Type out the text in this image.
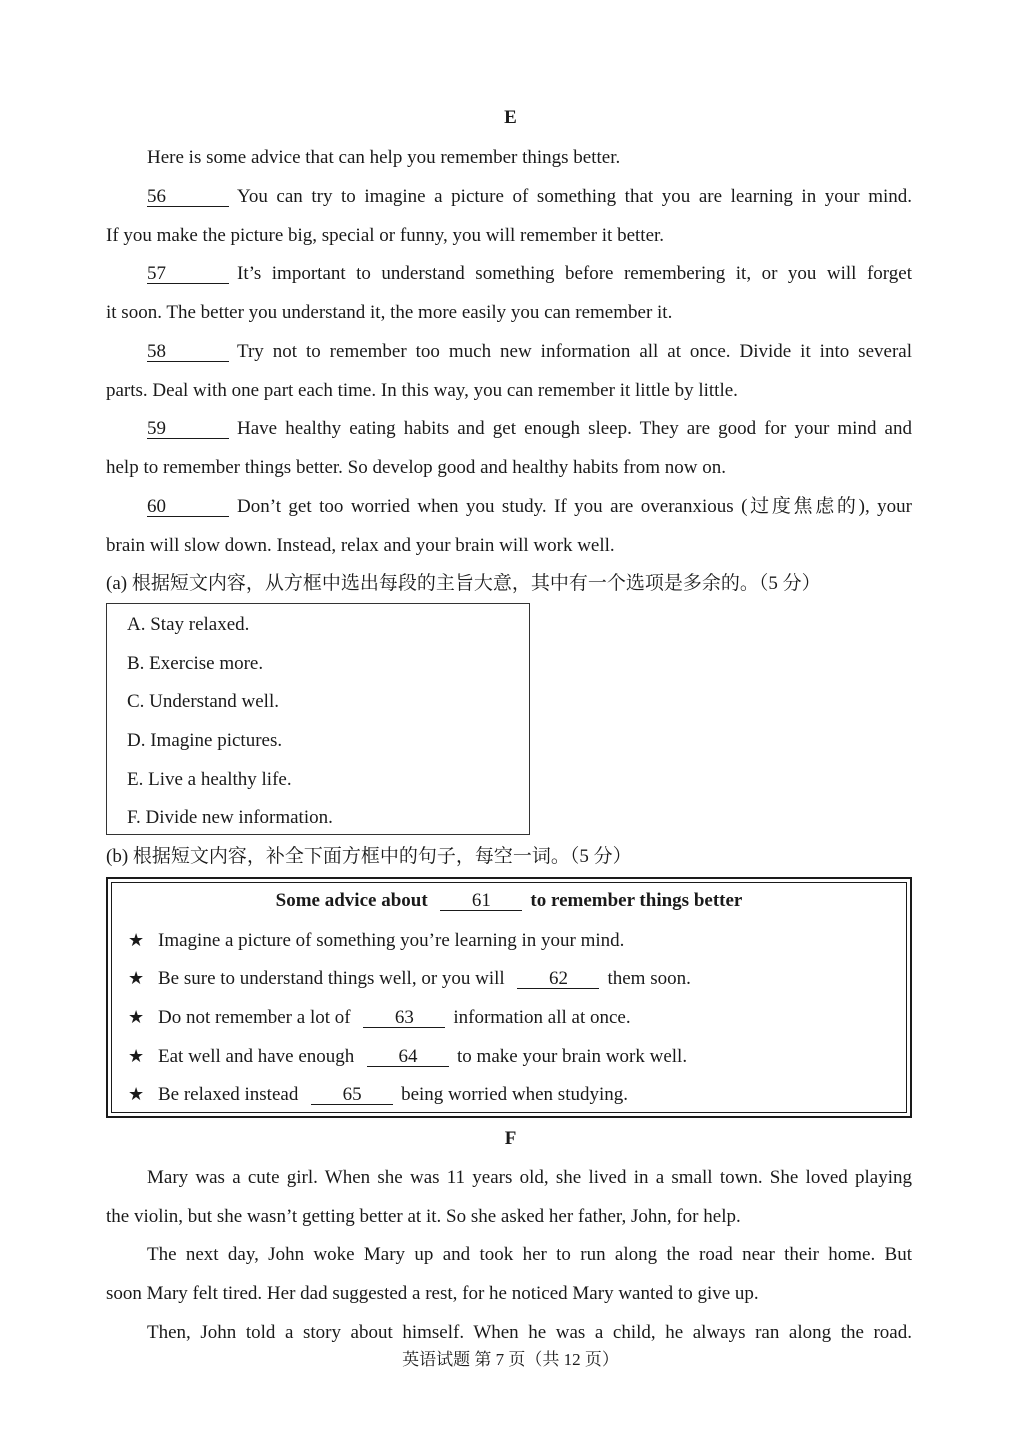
E
Here is some advice that can help you remember things better.
56	You can try to imagine a picture of something that you are learning in your mind.
If you make the picture big, special or funny, you will remember it better.
57	It’s important to understand something before remembering it, or you will forget
it soon. The better you understand it, the more easily you can remember it.
58	Try not to remember too much new information all at once. Divide it into several
parts. Deal with one part each time. In this way, you can remember it little by little.
59	Have healthy eating habits and get enough sleep. They are good for your mind and
help to remember things better. So develop good and healthy habits from now on.
60	Don’t get too worried when you study. If you are overanxious (过度焦虑的), your
brain will slow down. Instead, relax and your brain will work well.
(a) 根据短文内容，从方框中选出每段的主旨大意，其中有一个选项是多余的。（5 分）
A. Stay relaxed.
B. Exercise more.
C. Understand well.
D. Imagine pictures.
E. Live a healthy life.
F. Divide new information.
(b) 根据短文内容，补全下面方框中的句子，每空一词。（5 分）
Some advice about 61 to remember things better
★ Imagine a picture of something you’re learning in your mind.
★ Be sure to understand things well, or you will 62 them soon.
★ Do not remember a lot of 63 information all at once.
★ Eat well and have enough 64 to make your brain work well.
★ Be relaxed instead 65 being worried when studying.
F
Mary was a cute girl. When she was 11 years old, she lived in a small town. She loved playing
the violin, but she wasn’t getting better at it. So she asked her father, John, for help.
The next day, John woke Mary up and took her to run along the road near their home. But
soon Mary felt tired. Her dad suggested a rest, for he noticed Mary wanted to give up.
Then, John told a story about himself. When he was a child, he always ran along the road.
英语试题 第 7 页（共 12 页）
